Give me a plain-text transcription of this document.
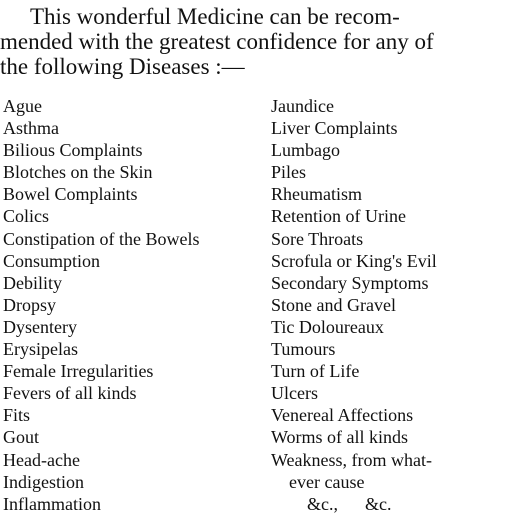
This wonderful Medicine can be recom-
mended with the greatest confidence for any of
the following Diseases :—
Ague
Asthma
Bilious Complaints
Blotches on the Skin
Bowel Complaints
Colics
Constipation of the Bowels
Consumption
Debility
Dropsy
Dysentery
Erysipelas
Female Irregularities
Fevers of all kinds
Fits
Gout
Head-ache
Indigestion
Inflammation
Jaundice
Liver Complaints
Lumbago
Piles
Rheumatism
Retention of Urine
Sore Throats
Scrofula or King's Evil
Secondary Symptoms
Stone and Gravel
Tic Doloureaux
Tumours
Turn of Life
Ulcers
Venereal Affections
Worms of all kinds
Weakness, from what-
ever cause
&c.,      &c.
